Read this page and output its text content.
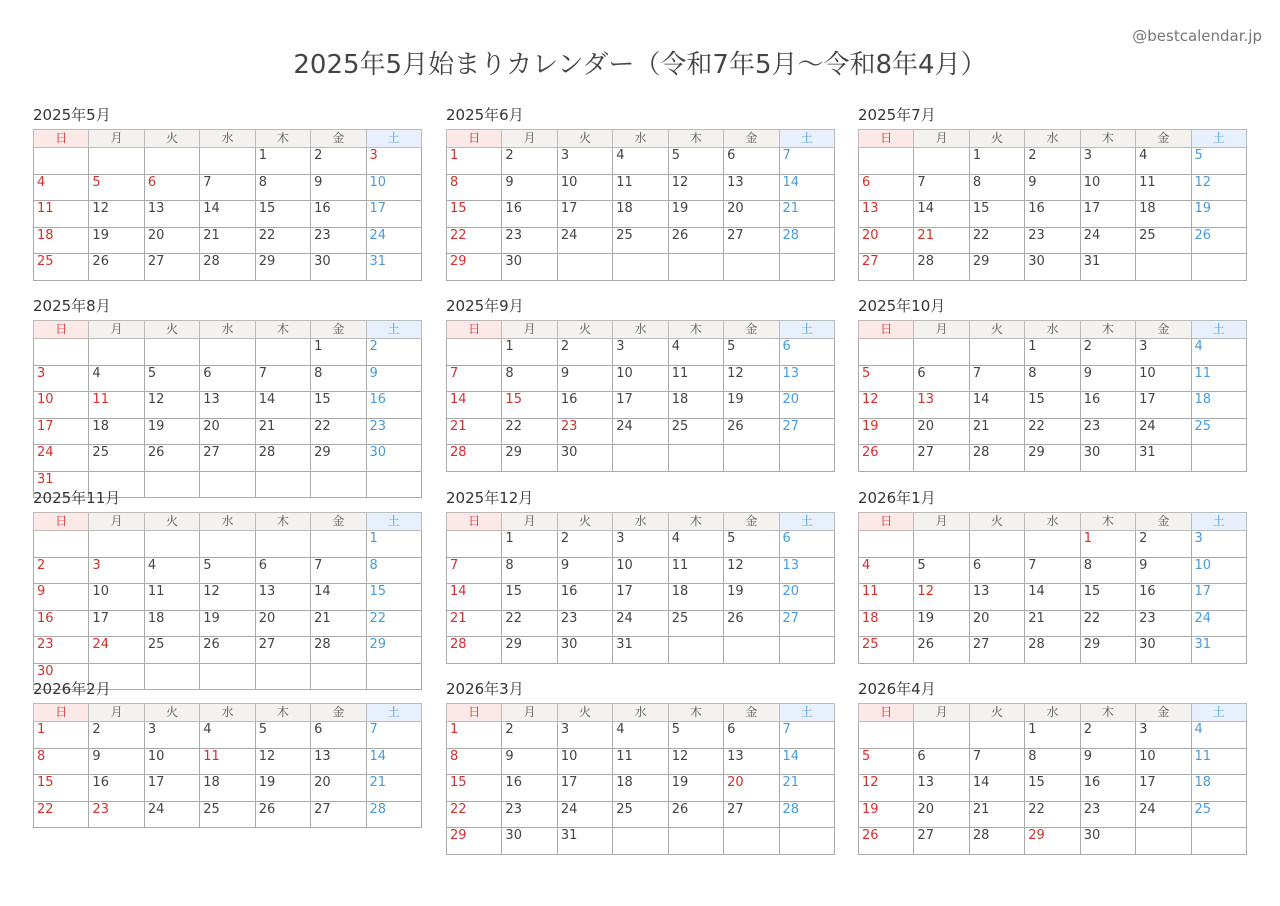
2025年5月始まりカレンダー（令和7年5月〜令和8年4月）
@bestcalendar.jp
2025年5月
日	月	火	水	木	金	土
				1	2	3
4	5	6	7	8	9	10
11	12	13	14	15	16	17
18	19	20	21	22	23	24
25	26	27	28	29	30	31
2025年6月
日	月	火	水	木	金	土
1	2	3	4	5	6	7
8	9	10	11	12	13	14
15	16	17	18	19	20	21
22	23	24	25	26	27	28
29	30					
2025年7月
日	月	火	水	木	金	土
		1	2	3	4	5
6	7	8	9	10	11	12
13	14	15	16	17	18	19
20	21	22	23	24	25	26
27	28	29	30	31		
2025年8月
日	月	火	水	木	金	土
					1	2
3	4	5	6	7	8	9
10	11	12	13	14	15	16
17	18	19	20	21	22	23
24	25	26	27	28	29	30
31						
2025年9月
日	月	火	水	木	金	土
	1	2	3	4	5	6
7	8	9	10	11	12	13
14	15	16	17	18	19	20
21	22	23	24	25	26	27
28	29	30				
2025年10月
日	月	火	水	木	金	土
			1	2	3	4
5	6	7	8	9	10	11
12	13	14	15	16	17	18
19	20	21	22	23	24	25
26	27	28	29	30	31	
2025年11月
日	月	火	水	木	金	土
						1
2	3	4	5	6	7	8
9	10	11	12	13	14	15
16	17	18	19	20	21	22
23	24	25	26	27	28	29
30						
2025年12月
日	月	火	水	木	金	土
	1	2	3	4	5	6
7	8	9	10	11	12	13
14	15	16	17	18	19	20
21	22	23	24	25	26	27
28	29	30	31			
2026年1月
日	月	火	水	木	金	土
				1	2	3
4	5	6	7	8	9	10
11	12	13	14	15	16	17
18	19	20	21	22	23	24
25	26	27	28	29	30	31
2026年2月
日	月	火	水	木	金	土
1	2	3	4	5	6	7
8	9	10	11	12	13	14
15	16	17	18	19	20	21
22	23	24	25	26	27	28
2026年3月
日	月	火	水	木	金	土
1	2	3	4	5	6	7
8	9	10	11	12	13	14
15	16	17	18	19	20	21
22	23	24	25	26	27	28
29	30	31				
2026年4月
日	月	火	水	木	金	土
			1	2	3	4
5	6	7	8	9	10	11
12	13	14	15	16	17	18
19	20	21	22	23	24	25
26	27	28	29	30		
